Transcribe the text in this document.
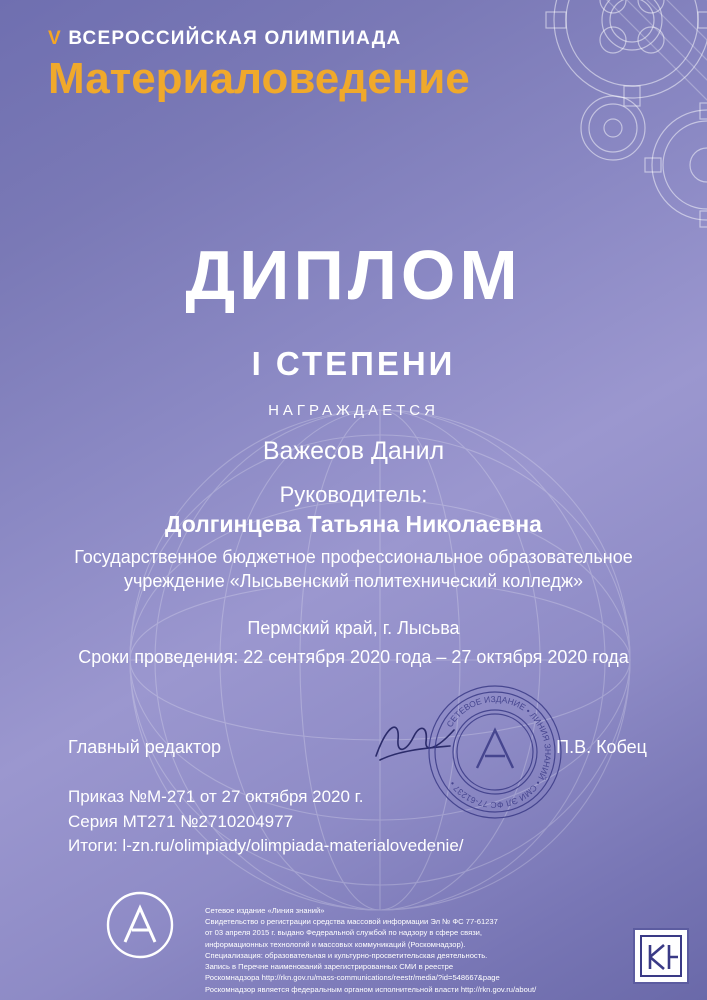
V ВСЕРОССИЙСКАЯ ОЛИМПИАДА
Материаловедение
ДИПЛОМ
I СТЕПЕНИ
НАГРАЖДАЕТСЯ
Важесов Данил
Руководитель:
Долгинцева Татьяна Николаевна
Государственное бюджетное профессиональное образовательное учреждение «Лысьвенский политехнический колледж»
Пермский край, г. Лысьва
Сроки проведения: 22 сентября 2020 года – 27 октября 2020 года
Главный редактор	П.В. Кобец
СЕТЕВОЕ ИЗДАНИЕ • ЛИНИЯ ЗНАНИЙ • СМИ ЭЛ ФС 77-61237 •
Приказ №М-271 от 27 октября 2020 г.
Серия МТ271 №2710204977
Итоги: l-zn.ru/olimpiady/olimpiada-materialovedenie/
Сетевое издание «Линия знаний»
Свидетельство о регистрации средства массовой информации Эл № ФС 77-61237
от 03 апреля 2015 г. выдано Федеральной службой по надзору в сфере связи,
информационных технологий и массовых коммуникаций (Роскомнадзор).
Специализация: образовательная и культурно-просветительская деятельность.
Запись в Перечне наименований зарегистрированных СМИ в реестре
Роскомнадзора http://rkn.gov.ru/mass-communications/reestr/media/?id=548667&page
Роскомнадзор является федеральным органом исполнительной власти http://rkn.gov.ru/about/
